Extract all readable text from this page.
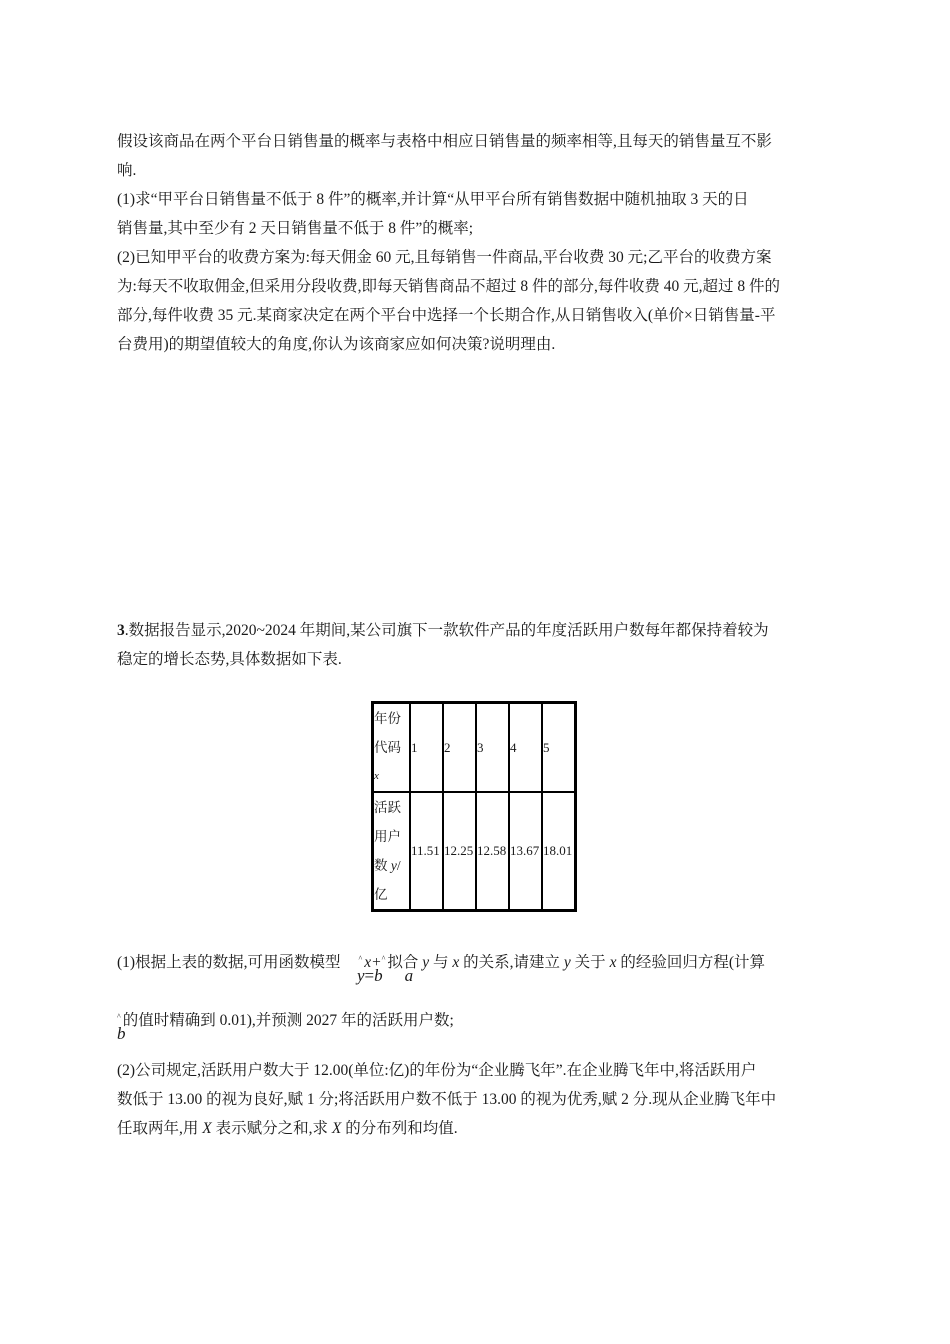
假设该商品在两个平台日销售量的概率与表格中相应日销售量的频率相等,且每天的销售量互不影
响.
(1)求“甲平台日销售量不低于 8 件”的概率,并计算“从甲平台所有销售数据中随机抽取 3 天的日
销售量,其中至少有 2 天日销售量不低于 8 件”的概率;
(2)已知甲平台的收费方案为:每天佣金 60 元,且每销售一件商品,平台收费 30 元;乙平台的收费方案
为:每天不收取佣金,但采用分段收费,即每天销售商品不超过 8 件的部分,每件收费 40 元,超过 8 件的
部分,每件收费 35 元.某商家决定在两个平台中选择一个长期合作,从日销售收入(单价×日销售量-平
台费用)的期望值较大的角度,你认为该商家应如何决策?说明理由.
3.数据报告显示,2020~2024 年期间,某公司旗下一款软件产品的年度活跃用户数每年都保持着较为
稳定的增长态势,具体数据如下表.
年份
代码
x	1	2	3	4	5

活跃
用户
数 y/
亿	11.51	12.25	12.58	13.67	18.01
(1)根据上表的数据,可用函数模型 ^ x+^ 拟合 y 与 x 的关系,请建立 y 关于 x 的经验回归方程(计算
y=b a
^ 的值时精确到 0.01),并预测 2027 年的活跃用户数;
b
(2)公司规定,活跃用户数大于 12.00(单位:亿)的年份为“企业腾飞年”.在企业腾飞年中,将活跃用户
数低于 13.00 的视为良好,赋 1 分;将活跃用户数不低于 13.00 的视为优秀,赋 2 分.现从企业腾飞年中
任取两年,用 X 表示赋分之和,求 X 的分布列和均值.
